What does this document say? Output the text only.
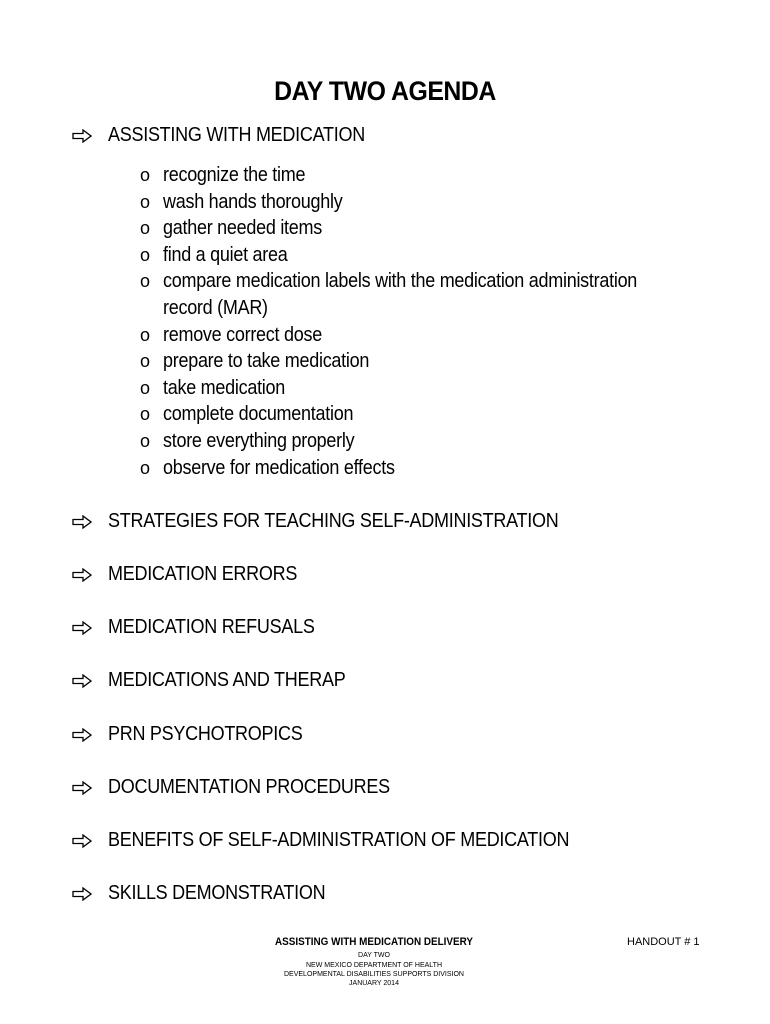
DAY TWO AGENDA
ASSISTING WITH MEDICATION
o recognize the time
o wash hands thoroughly
o gather needed items
o find a quiet area
o compare medication labels with the medication administration record (MAR)
o remove correct dose
o prepare to take medication
o take medication
o complete documentation
o store everything properly
o observe for medication effects
STRATEGIES FOR TEACHING SELF-ADMINISTRATION
MEDICATION ERRORS
MEDICATION REFUSALS
MEDICATIONS AND THERAP
PRN PSYCHOTROPICS
DOCUMENTATION PROCEDURES
BENEFITS OF SELF-ADMINISTRATION OF MEDICATION
SKILLS DEMONSTRATION
ASSISTING WITH MEDICATION DELIVERY	HANDOUT # 1
DAY TWO
NEW MEXICO DEPARTMENT OF HEALTH
DEVELOPMENTAL DISABILITIES SUPPORTS DIVISION
JANUARY 2014
